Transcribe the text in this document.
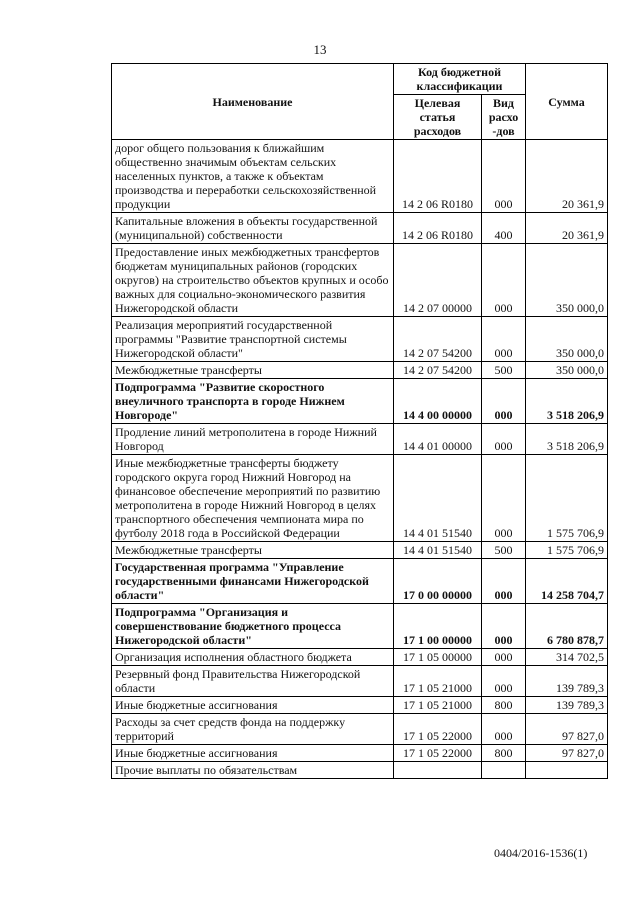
13
Наименование	Код бюджетной классификации		Сумма
	Целевая статья расходов	Вид расхо -дов	
дорог общего пользования к ближайшим общественно значимым объектам сельских населенных пунктов, а также к объектам производства и переработки сельскохозяйственной продукции	14 2 06 R0180	000	20 361,9
Капитальные вложения в объекты государственной (муниципальной) собственности	14 2 06 R0180	400	20 361,9
Предоставление иных межбюджетных трансфертов бюджетам муниципальных районов (городских округов) на строительство объектов крупных и особо важных для социально-экономического развития Нижегородской области	14 2 07 00000	000	350 000,0
Реализация мероприятий государственной программы "Развитие транспортной системы Нижегородской области"	14 2 07 54200	000	350 000,0
Межбюджетные трансферты	14 2 07 54200	500	350 000,0
Подпрограмма "Развитие скоростного внеуличного транспорта в городе Нижнем Новгороде"	14 4 00 00000	000	3 518 206,9
Продление линий метрополитена в городе Нижний Новгород	14 4 01 00000	000	3 518 206,9
Иные межбюджетные трансферты бюджету городского округа город Нижний Новгород на финансовое обеспечение мероприятий по развитию метрополитена в городе Нижний Новгород в целях транспортного обеспечения чемпионата мира по футболу 2018 года в Российской Федерации	14 4 01 51540	000	1 575 706,9
Межбюджетные трансферты	14 4 01 51540	500	1 575 706,9
Государственная программа "Управление государственными финансами Нижегородской области"	17 0 00 00000	000	14 258 704,7
Подпрограмма "Организация и совершенствование бюджетного процесса Нижегородской области"	17 1 00 00000	000	6 780 878,7
Организация исполнения областного бюджета	17 1 05 00000	000	314 702,5
Резервный фонд Правительства Нижегородской области	17 1 05 21000	000	139 789,3
Иные бюджетные ассигнования	17 1 05 21000	800	139 789,3
Расходы за счет средств фонда на поддержку территорий	17 1 05 22000	000	97 827,0
Иные бюджетные ассигнования	17 1 05 22000	800	97 827,0
Прочие выплаты по обязательствам			
0404/2016-1536(1)
